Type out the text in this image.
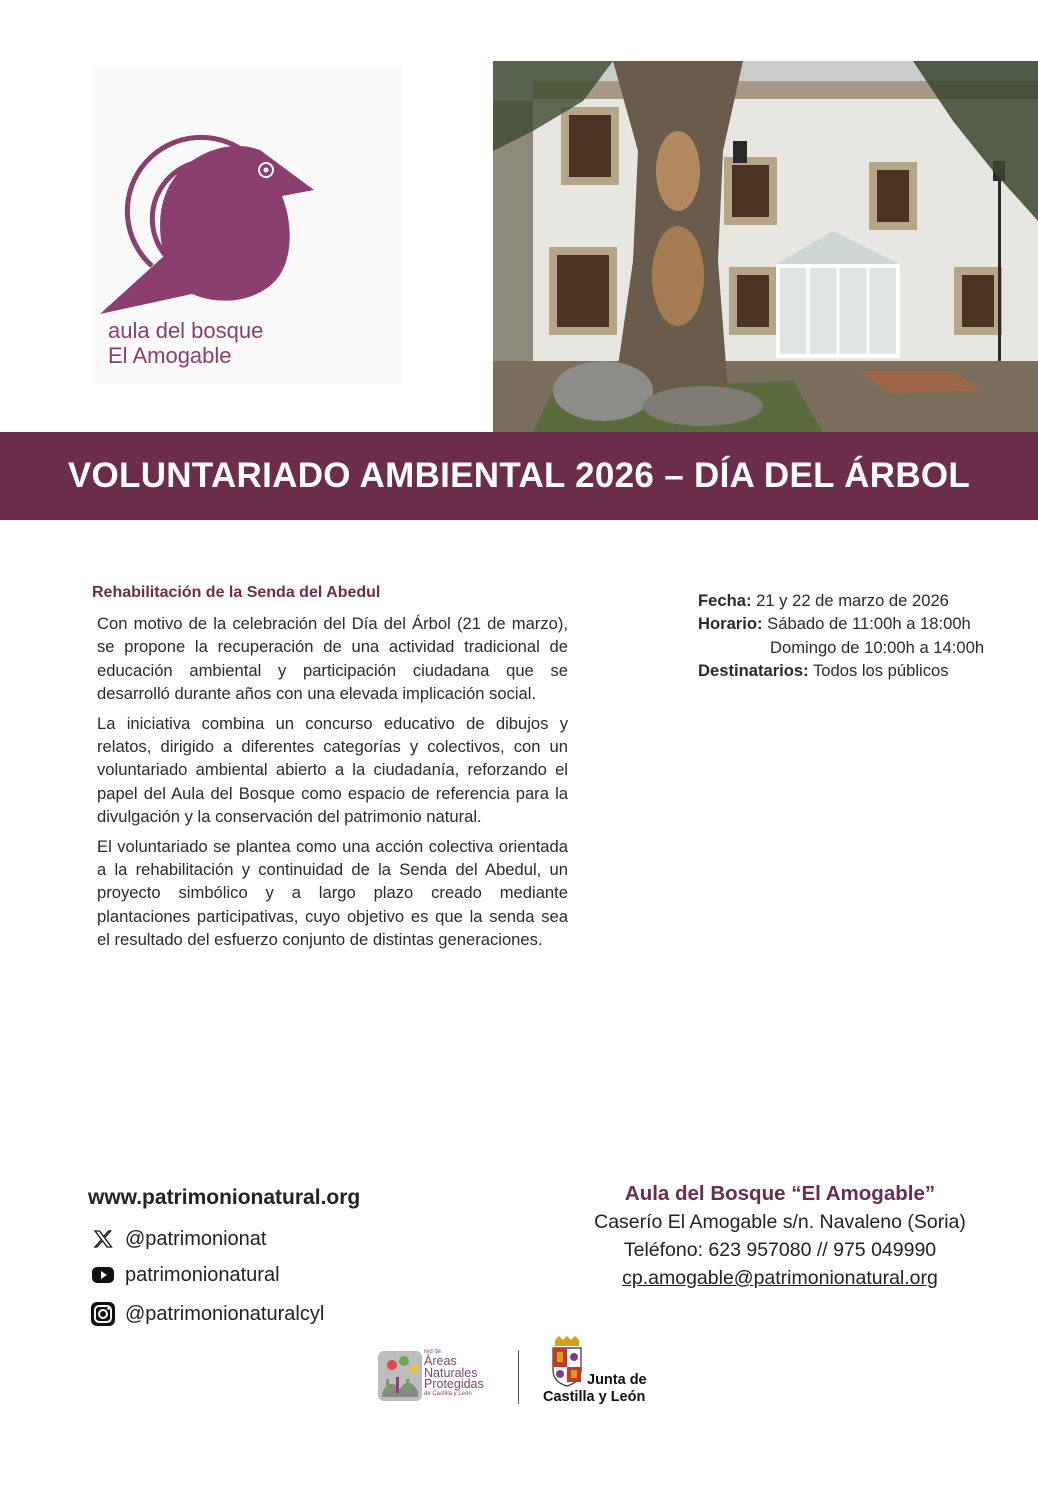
aula del bosque
El Amogable
VOLUNTARIADO AMBIENTAL 2026 – DÍA DEL ÁRBOL
Rehabilitación de la Senda del Abedul

Con motivo de la celebración del Día del Árbol (21 de marzo), se propone la recuperación de una actividad tradicional de educación ambiental y participación ciudadana que se desarrolló durante años con una elevada implicación social.

La iniciativa combina un concurso educativo de dibujos y relatos, dirigido a diferentes categorías y colectivos, con un voluntariado ambiental abierto a la ciudadanía, reforzando el papel del Aula del Bosque como espacio de referencia para la divulgación y la conservación del patrimonio natural.

El voluntariado se plantea como una acción colectiva orientada a la rehabilitación y continuidad de la Senda del Abedul, un proyecto simbólico y a largo plazo creado mediante plantaciones participativas, cuyo objetivo es que la senda sea el resultado del esfuerzo conjunto de distintas generaciones.

Fecha: 21 y 22 de marzo de 2026
Horario: Sábado de 11:00h a 18:00h
Domingo de 10:00h a 14:00h
Destinatarios: Todos los públicos
www.patrimonionatural.org
@patrimonionat
patrimonionatural
@patrimonionaturalcyl
Aula del Bosque “El Amogable”
Caserío El Amogable s/n. Navaleno (Soria)
Teléfono: 623 957080 // 975 049990
cp.amogable@patrimonionatural.org
red de
Áreas
Naturales
Protegidas
de Castilla y León
Junta de
Castilla y León
